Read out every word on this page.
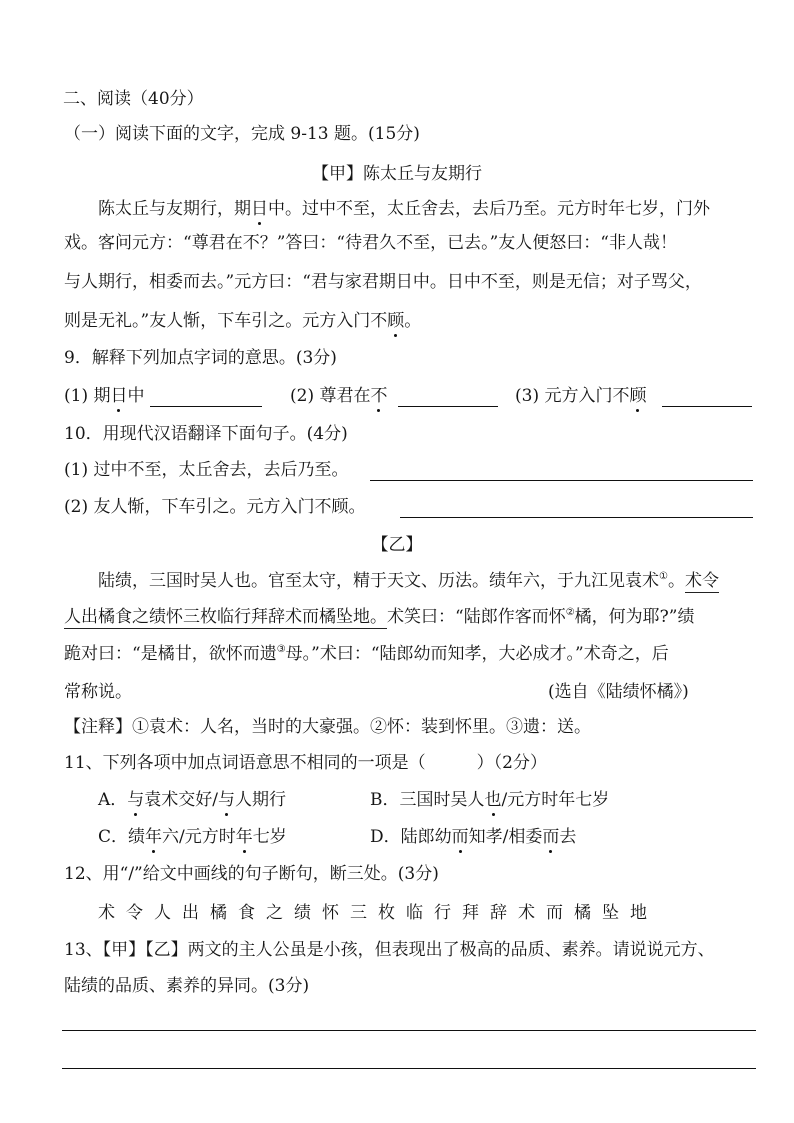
二、阅读（40分）
（一）阅读下面的文字，完成 9-13 题。(15分)
【甲】陈太丘与友期行
陈太丘与友期行，期日中。过中不至，太丘舍去，去后乃至。元方时年七岁，门外
戏。客问元方：“尊君在不？”答曰：“待君久不至，已去。”友人便怒曰：“非人哉！
与人期行，相委而去。”元方曰：“君与家君期日中。日中不至，则是无信；对子骂父，
则是无礼。”友人惭，下车引之。元方入门不顾。
9．解释下列加点字词的意思。(3分)
(1) 期日中	(2) 尊君在不	(3) 元方入门不顾
10．用现代汉语翻译下面句子。(4分)
(1) 过中不至，太丘舍去，去后乃至。
(2) 友人惭，下车引之。元方入门不顾。
【乙】
陆绩，三国时吴人也。官至太守，精于天文、历法。绩年六，于九江见袁术①。术令
人出橘食之绩怀三枚临行拜辞术而橘坠地。术笑曰：“陆郎作客而怀②橘，何为耶?”绩
跪对曰：“是橘甘，欲怀而遗③母。”术曰：“陆郎幼而知孝，大必成才。”术奇之，后
常称说。	(选自《陆绩怀橘》)
【注释】①袁术：人名，当时的大豪强。②怀：装到怀里。③遗：送。
11、下列各项中加点词语意思不相同的一项是（　　　）（2分）
A．与袁术交好/与人期行	B．三国时吴人也/元方时年七岁
C．绩年六/元方时年七岁	D．陆郎幼而知孝/相委而去
12、用“/”给文中画线的句子断句，断三处。(3分)
术令人出橘食之绩怀三枚临行拜辞术而橘坠地
13、【甲】【乙】两文的主人公虽是小孩，但表现出了极高的品质、素养。请说说元方、
陆绩的品质、素养的异同。(3分)
